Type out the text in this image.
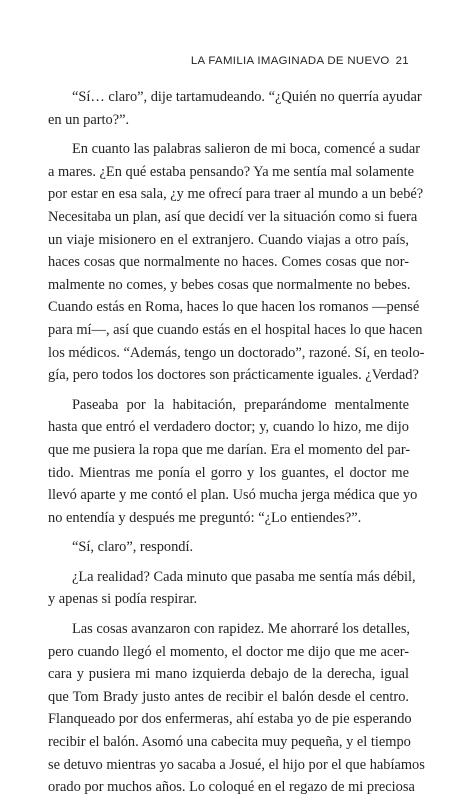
LA FAMILIA IMAGINADA DE NUEVO 21

“Sí… claro”, dije tartamudeando. “¿Quién no querría ayudar
en un parto?”.

En cuanto las palabras salieron de mi boca, comencé a sudar
a mares. ¿En qué estaba pensando? Ya me sentía mal solamente
por estar en esa sala, ¿y me ofrecí para traer al mundo a un bebé?
Necesitaba un plan, así que decidí ver la situación como si fuera
un viaje misionero en el extranjero. Cuando viajas a otro país,
haces cosas que normalmente no haces. Comes cosas que nor-
malmente no comes, y bebes cosas que normalmente no bebes.
Cuando estás en Roma, haces lo que hacen los romanos —pensé
para mí—, así que cuando estás en el hospital haces lo que hacen
los médicos. “Además, tengo un doctorado”, razoné. Sí, en teolo-
gía, pero todos los doctores son prácticamente iguales. ¿Verdad?

Paseaba por la habitación, preparándome mentalmente
hasta que entró el verdadero doctor; y, cuando lo hizo, me dijo
que me pusiera la ropa que me darían. Era el momento del par-
tido. Mientras me ponía el gorro y los guantes, el doctor me
llevó aparte y me contó el plan. Usó mucha jerga médica que yo
no entendía y después me preguntó: “¿Lo entiendes?”.

“Sí, claro”, respondí.

¿La realidad? Cada minuto que pasaba me sentía más débil,
y apenas si podía respirar.

Las cosas avanzaron con rapidez. Me ahorraré los detalles,
pero cuando llegó el momento, el doctor me dijo que me acer-
cara y pusiera mi mano izquierda debajo de la derecha, igual
que Tom Brady justo antes de recibir el balón desde el centro.
Flanqueado por dos enfermeras, ahí estaba yo de pie esperando
recibir el balón. Asomó una cabecita muy pequeña, y el tiempo
se detuvo mientras yo sacaba a Josué, el hijo por el que habíamos
orado por muchos años. Lo coloqué en el regazo de mi preciosa
